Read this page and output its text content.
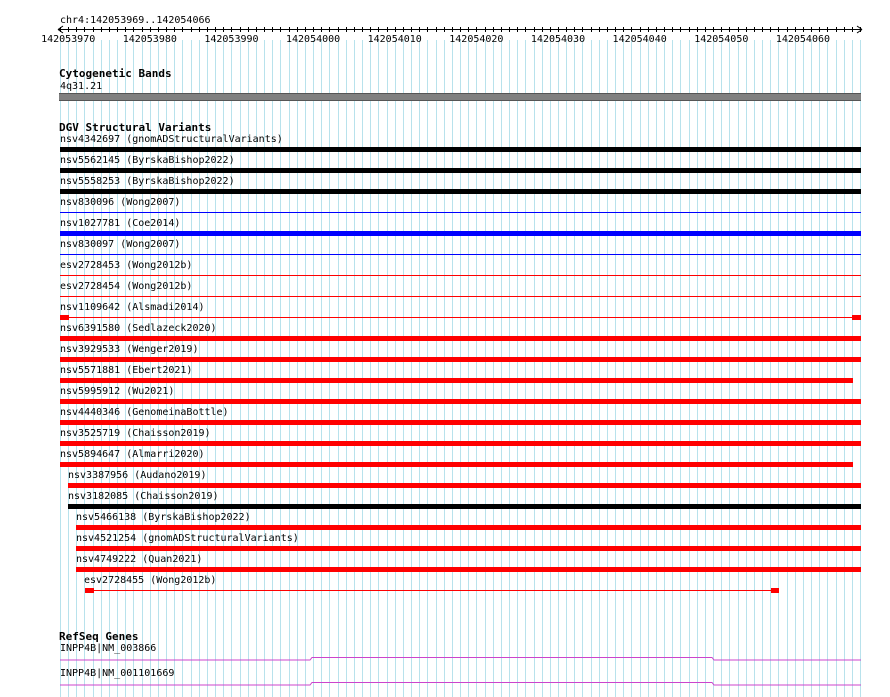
chr4:142053969..142054066
142053970	142053980	142053990	142054000	142054010	142054020	142054030	142054040	142054050	142054060
Cytogenetic Bands
4q31.21
DGV Structural Variants
nsv4342697 (gnomADStructuralVariants)
nsv5562145 (ByrskaBishop2022)
nsv5558253 (ByrskaBishop2022)
nsv830096 (Wong2007)
nsv1027781 (Coe2014)
nsv830097 (Wong2007)
esv2728453 (Wong2012b)
esv2728454 (Wong2012b)
nsv1109642 (Alsmadi2014)
nsv6391580 (Sedlazeck2020)
nsv3929533 (Wenger2019)
nsv5571881 (Ebert2021)
nsv5995912 (Wu2021)
nsv4440346 (GenomeinaBottle)
nsv3525719 (Chaisson2019)
nsv5894647 (Almarri2020)
nsv3387956 (Audano2019)
nsv3182085 (Chaisson2019)
nsv5466138 (ByrskaBishop2022)
nsv4521254 (gnomADStructuralVariants)
nsv4749222 (Quan2021)
esv2728455 (Wong2012b)
RefSeq Genes
INPP4B|NM_003866
INPP4B|NM_001101669
